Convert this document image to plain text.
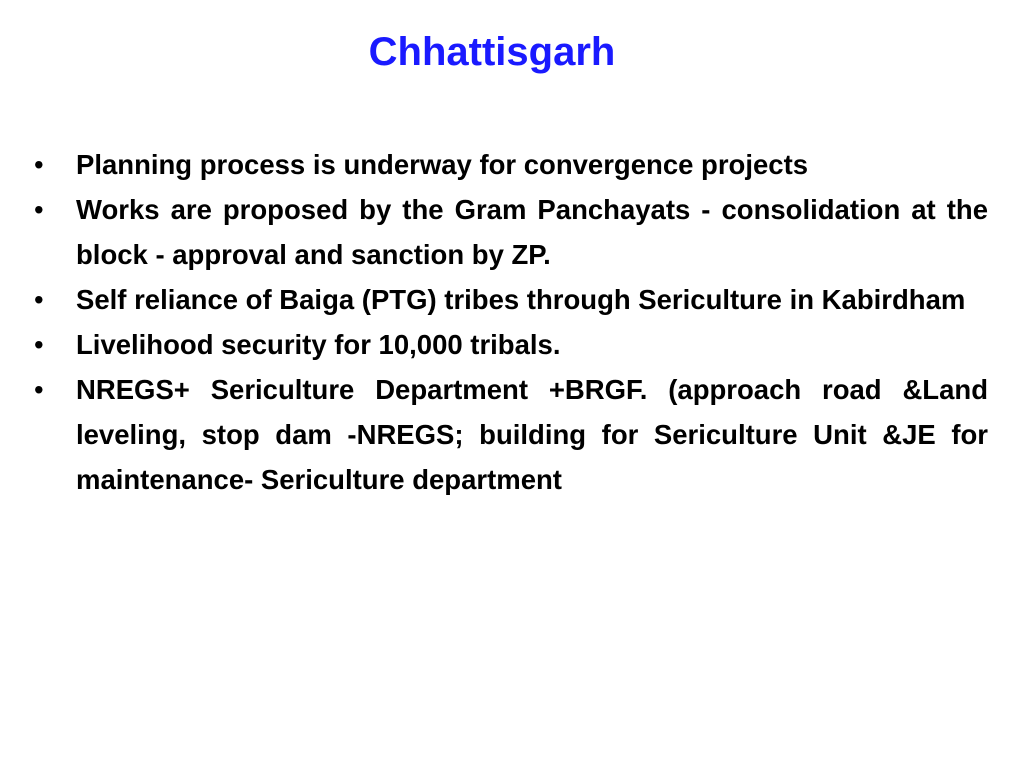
Chhattisgarh
•	Planning process is underway for convergence projects
•	Works are proposed by the Gram Panchayats - consolidation at the block - approval and sanction by ZP.
•	Self reliance of Baiga (PTG) tribes through Sericulture in Kabirdham
•	Livelihood security for 10,000 tribals.
•	NREGS+ Sericulture Department +BRGF. (approach road &Land leveling, stop dam -NREGS; building for Sericulture Unit &JE for maintenance- Sericulture department
